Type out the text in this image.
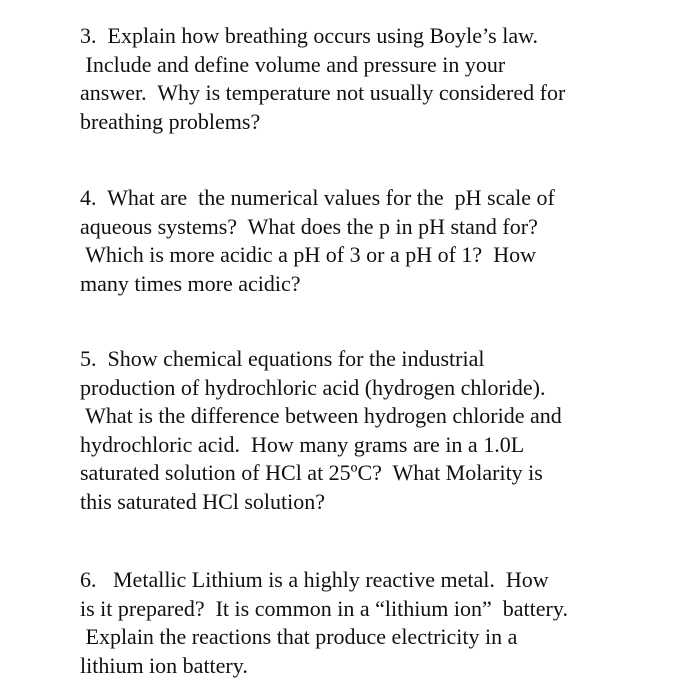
3.  Explain how breathing occurs using Boyle’s law.
Include and define volume and pressure in your
answer.  Why is temperature not usually considered for
breathing problems?
4.  What are  the numerical values for the  pH scale of
aqueous systems?  What does the p in pH stand for?
Which is more acidic a pH of 3 or a pH of 1?  How
many times more acidic?
5.  Show chemical equations for the industrial
production of hydrochloric acid (hydrogen chloride).
What is the difference between hydrogen chloride and
hydrochloric acid.  How many grams are in a 1.0L
saturated solution of HCl at 25ºC?  What Molarity is
this saturated HCl solution?
6.   Metallic Lithium is a highly reactive metal.  How
is it prepared?  It is common in a “lithium ion”  battery.
Explain the reactions that produce electricity in a
lithium ion battery.
